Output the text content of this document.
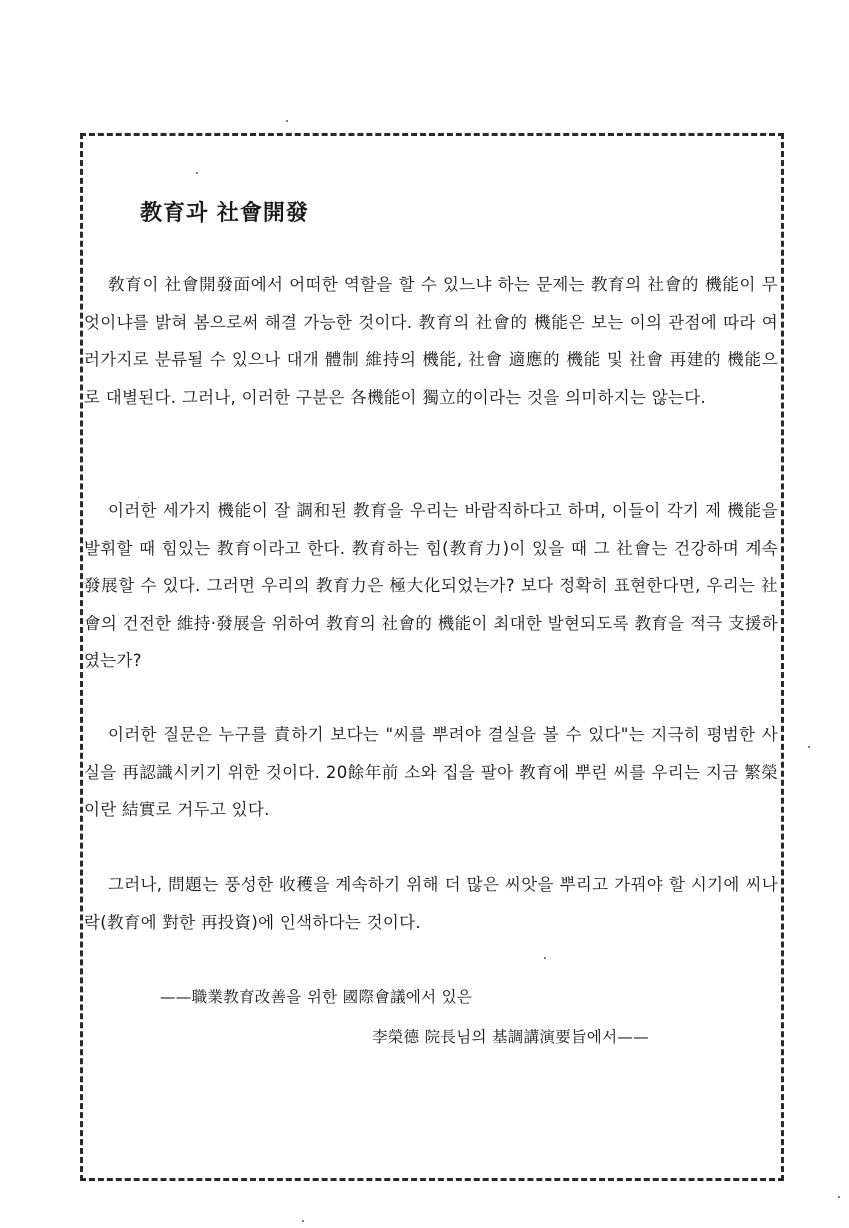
教育과 社會開發

敎育이 社會開發面에서 어떠한 역할을 할 수 있느냐 하는 문제는 教育의 社會的 機能이 무엇이냐를 밝혀 봄으로써 해결 가능한 것이다. 教育의 社會的 機能은 보는 이의 관점에 따라 여러가지로 분류될 수 있으나 대개 體制 維持의 機能, 社會 適應的 機能 및 社會 再建的 機能으로 대별된다. 그러나, 이러한 구분은 各機能이 獨立的이라는 것을 의미하지는 않는다.

이러한 세가지 機能이 잘 調和된 教育을 우리는 바람직하다고 하며, 이들이 각기 제 機能을 발휘할 때 힘있는 教育이라고 한다. 教育하는 힘(教育力)이 있을 때 그 社會는 건강하며 계속 發展할 수 있다. 그러면 우리의 教育力은 極大化되었는가? 보다 정확히 표현한다면, 우리는 社會의 건전한 維持·發展을 위하여 教育의 社會的 機能이 최대한 발현되도록 教育을 적극 支援하였는가?

이러한 질문은 누구를 責하기 보다는 "씨를 뿌려야 결실을 볼 수 있다"는 지극히 평범한 사실을 再認識시키기 위한 것이다. 20餘年前 소와 집을 팔아 教育에 뿌린 씨를 우리는 지금 繁榮이란 結實로 거두고 있다.

그러나, 問題는 풍성한 收穫을 계속하기 위해 더 많은 씨앗을 뿌리고 가꿔야 할 시기에 씨나락(教育에 對한 再投資)에 인색하다는 것이다.

——職業教育改善을 위한 國際會議에서 있은
李榮德 院長님의 基調講演要旨에서——
